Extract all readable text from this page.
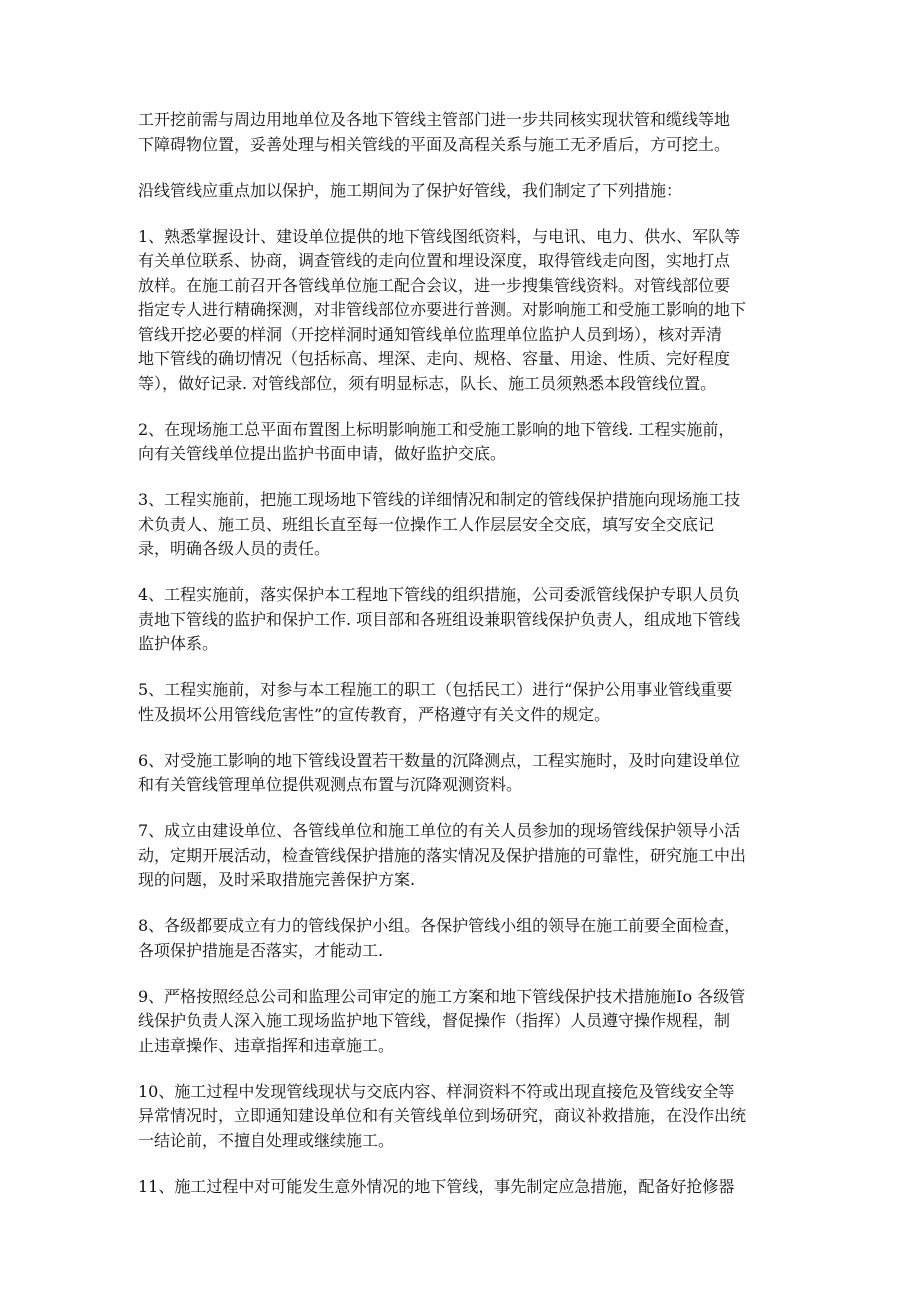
工开挖前需与周边用地单位及各地下管线主管部门进一步共同核实现状管和缆线等地
下障碍物位置，妥善处理与相关管线的平面及高程关系与施工无矛盾后，方可挖土。

沿线管线应重点加以保护，施工期间为了保护好管线，我们制定了下列措施：

1、熟悉掌握设计、建设单位提供的地下管线图纸资料，与电讯、电力、供水、军队等
有关单位联系、协商，调查管线的走向位置和埋设深度，取得管线走向图，实地打点
放样。在施工前召开各管线单位施工配合会议，进一步搜集管线资料。对管线部位要
指定专人进行精确探测，对非管线部位亦要进行普测。对影响施工和受施工影响的地下
管线开挖必要的样洞（开挖样洞时通知管线单位监理单位监护人员到场），核对弄清
地下管线的确切情况（包括标高、埋深、走向、规格、容量、用途、性质、完好程度
等），做好记录. 对管线部位，须有明显标志，队长、施工员须熟悉本段管线位置。

2、在现场施工总平面布置图上标明影响施工和受施工影响的地下管线. 工程实施前，
向有关管线单位提出监护书面申请，做好监护交底。

3、工程实施前，把施工现场地下管线的详细情况和制定的管线保护措施向现场施工技
术负责人、施工员、班组长直至每一位操作工人作层层安全交底，填写安全交底记
录，明确各级人员的责任。

4、工程实施前，落实保护本工程地下管线的组织措施，公司委派管线保护专职人员负
责地下管线的监护和保护工作. 项目部和各班组设兼职管线保护负责人，组成地下管线
监护体系。

5、工程实施前，对参与本工程施工的职工（包括民工）进行“保护公用事业管线重要
性及损坏公用管线危害性”的宣传教育，严格遵守有关文件的规定。

6、对受施工影响的地下管线设置若干数量的沉降测点，工程实施时，及时向建设单位
和有关管线管理单位提供观测点布置与沉降观测资料。

7、成立由建设单位、各管线单位和施工单位的有关人员参加的现场管线保护领导小活
动，定期开展活动，检查管线保护措施的落实情况及保护措施的可靠性，研究施工中出
现的问题，及时采取措施完善保护方案.

8、各级都要成立有力的管线保护小组。各保护管线小组的领导在施工前要全面检查，
各项保护措施是否落实，才能动工.

9、严格按照经总公司和监理公司审定的施工方案和地下管线保护技术措施施Io 各级管
线保护负责人深入施工现场监护地下管线，督促操作（指挥）人员遵守操作规程，制
止违章操作、违章指挥和违章施工。

10、施工过程中发现管线现状与交底内容、样洞资料不符或出现直接危及管线安全等
异常情况时，立即通知建设单位和有关管线单位到场研究，商议补救措施，在没作出统
一结论前，不擅自处理或继续施工。

11、施工过程中对可能发生意外情况的地下管线，事先制定应急措施，配备好抢修器
